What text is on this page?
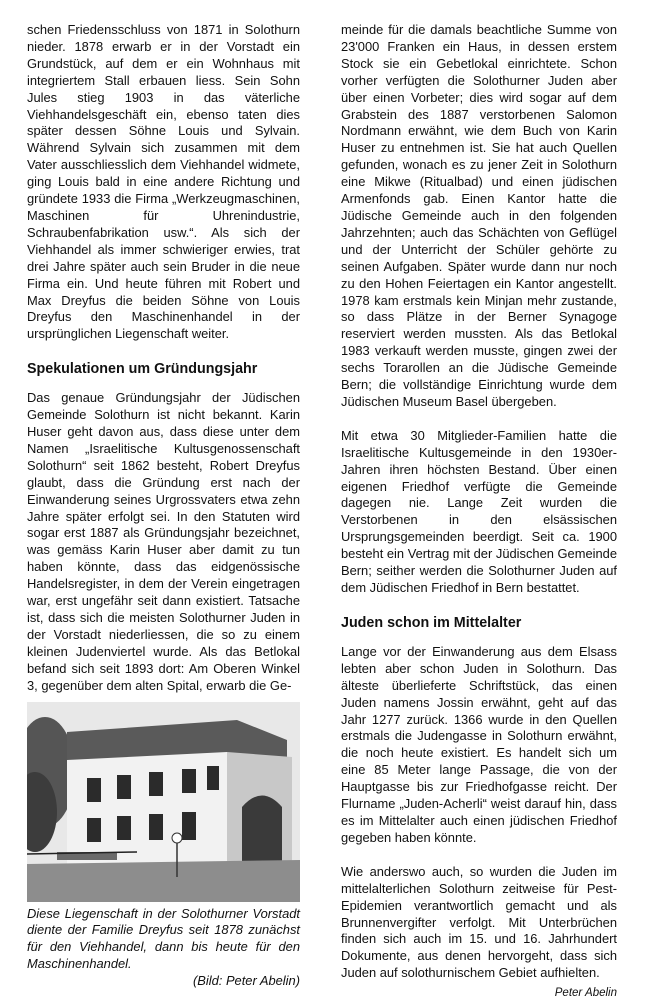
schen Friedensschluss von 1871 in Solothurn nieder. 1878 erwarb er in der Vorstadt ein Grundstück, auf dem er ein Wohnhaus mit integriertem Stall erbauen liess. Sein Sohn Jules stieg 1903 in das väterliche Viehhandelsgeschäft ein, ebenso taten dies später dessen Söhne Louis und Sylvain. Während Sylvain sich zusammen mit dem Vater ausschliesslich dem Viehhandel widmete, ging Louis bald in eine andere Richtung und gründete 1933 die Firma „Werkzeugmaschinen, Maschinen für Uhrenindustrie, Schraubenfabrikation usw.“. Als sich der Viehhandel als immer schwieriger erwies, trat drei Jahre später auch sein Bruder in die neue Firma ein. Und heute führen mit Robert und Max Dreyfus die beiden Söhne von Louis Dreyfus den Maschinenhandel in der ursprünglichen Liegenschaft weiter.

Spekulationen um Gründungsjahr

Das genaue Gründungsjahr der Jüdischen Gemeinde Solothurn ist nicht bekannt. Karin Huser geht davon aus, dass diese unter dem Namen „Israelitische Kultusgenossenschaft Solothurn“ seit 1862 besteht, Robert Dreyfus glaubt, dass die Gründung erst nach der Einwanderung seines Urgrossvaters etwa zehn Jahre später erfolgt sei. In den Statuten wird sogar erst 1887 als Gründungsjahr bezeichnet, was gemäss Karin Huser aber damit zu tun haben könnte, dass das eidgenössische Handelsregister, in dem der Verein eingetragen war, erst ungefähr seit dann existiert. Tatsache ist, dass sich die meisten Solothurner Juden in der Vorstadt niederliessen, die so zu einem kleinen Judenviertel wurde. Als das Betlokal befand sich seit 1893 dort: Am Oberen Winkel 3, gegenüber dem alten Spital, erwarb die Ge-

Diese Liegenschaft in der Solothurner Vorstadt diente der Familie Dreyfus seit 1878 zunächst für den Viehhandel, dann bis heute für den Maschinenhandel.

(Bild: Peter Abelin)

meinde für die damals beachtliche Summe von 23'000 Franken ein Haus, in dessen erstem Stock sie ein Gebetlokal einrichtete. Schon vorher verfügten die Solothurner Juden aber über einen Vorbeter; dies wird sogar auf dem Grabstein des 1887 verstorbenen Salomon Nordmann erwähnt, wie dem Buch von Karin Huser zu entnehmen ist. Sie hat auch Quellen gefunden, wonach es zu jener Zeit in Solothurn eine Mikwe (Ritualbad) und einen jüdischen Armenfonds gab. Einen Kantor hatte die Jüdische Gemeinde auch in den folgenden Jahrzehnten; auch das Schächten von Geflügel und der Unterricht der Schüler gehörte zu seinen Aufgaben. Später wurde dann nur noch zu den Hohen Feiertagen ein Kantor angestellt. 1978 kam erstmals kein Minjan mehr zustande, so dass Plätze in der Berner Synagoge reserviert werden mussten. Als das Betlokal 1983 verkauft werden musste, gingen zwei der sechs Torarollen an die Jüdische Gemeinde Bern; die vollständige Einrichtung wurde dem Jüdischen Museum Basel übergeben.

Mit etwa 30 Mitglieder-Familien hatte die Israelitische Kultusgemeinde in den 1930er-Jahren ihren höchsten Bestand. Über einen eigenen Friedhof verfügte die Gemeinde dagegen nie. Lange Zeit wurden die Verstorbenen in den elsässischen Ursprungsgemeinden beerdigt. Seit ca. 1900 besteht ein Vertrag mit der Jüdischen Gemeinde Bern; seither werden die Solothurner Juden auf dem Jüdischen Friedhof in Bern bestattet.

Juden schon im Mittelalter

Lange vor der Einwanderung aus dem Elsass lebten aber schon Juden in Solothurn. Das älteste überlieferte Schriftstück, das einen Juden namens Jossin erwähnt, geht auf das Jahr 1277 zurück. 1366 wurde in den Quellen erstmals die Judengasse in Solothurn erwähnt, die noch heute existiert. Es handelt sich um eine 85 Meter lange Passage, die von der Hauptgasse bis zur Friedhofgasse reicht. Der Flurname „Juden-Acherli“ weist darauf hin, dass es im Mittelalter auch einen jüdischen Friedhof gegeben haben könnte.

Wie anderswo auch, so wurden die Juden im mittelalterlichen Solothurn zeitweise für Pest-Epidemien verantwortlich gemacht und als Brunnenvergifter verfolgt. Mit Unterbrüchen finden sich auch im 15. und 16. Jahrhundert Dokumente, aus denen hervorgeht, dass sich Juden auf solothurnischem Gebiet aufhielten.

Peter Abelin
